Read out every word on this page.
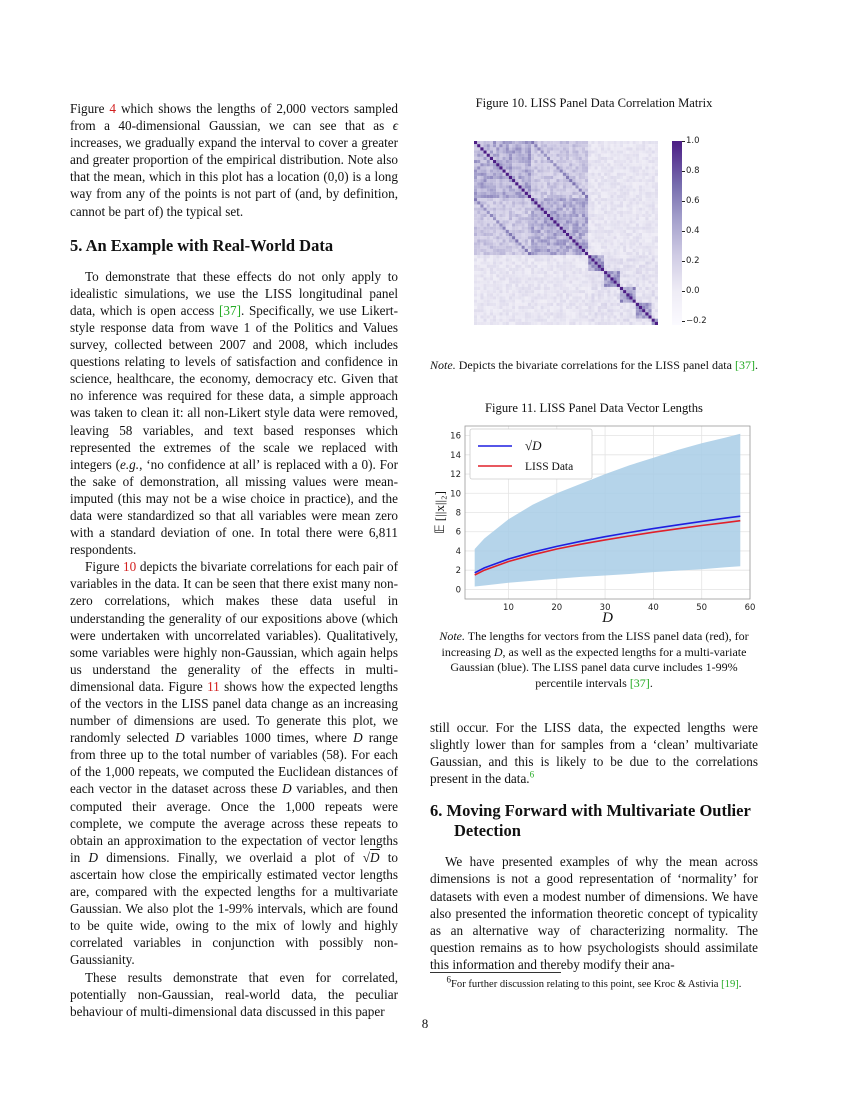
Figure 4 which shows the lengths of 2,000 vectors sampled from a 40-dimensional Gaussian, we can see that as ϵ increases, we gradually expand the interval to cover a greater and greater proportion of the empirical distribution. Note also that the mean, which in this plot has a location (0,0) is a long way from any of the points is not part of (and, by definition, cannot be part of) the typical set.

5. An Example with Real-World Data

To demonstrate that these effects do not only apply to idealistic simulations, we use the LISS longitudinal panel data, which is open access [37]. Specifically, we use Likert-style response data from wave 1 of the Politics and Values survey, collected between 2007 and 2008, which includes questions relating to levels of satisfaction and confidence in science, healthcare, the economy, democracy etc. Given that no inference was required for these data, a simple approach was taken to clean it: all non-Likert style data were removed, leaving 58 variables, and text based responses which represented the extremes of the scale we replaced with integers (e.g., ‘no confidence at all’ is replaced with a 0). For the sake of demonstration, all missing values were mean-imputed (this may not be a wise choice in practice), and the data were standardized so that all variables were mean zero with a standard deviation of one. In total there were 6,811 respondents.

Figure 10 depicts the bivariate correlations for each pair of variables in the data. It can be seen that there exist many non-zero correlations, which makes these data useful in understanding the generality of our expositions above (which were undertaken with uncorrelated variables). Qualitatively, some variables were highly non-Gaussian, which again helps us understand the generality of the effects in multi-dimensional data. Figure 11 shows how the expected lengths of the vectors in the LISS panel data change as an increasing number of dimensions are used. To generate this plot, we randomly selected D variables 1000 times, where D range from three up to the total number of variables (58). For each of the 1,000 repeats, we computed the Euclidean distances of each vector in the dataset across these D variables, and then computed their average. Once the 1,000 repeats were complete, we compute the average across these repeats to obtain an approximation to the expectation of vector lengths in D dimensions. Finally, we overlaid a plot of √D to ascertain how close the empirically estimated vector lengths are, compared with the expected lengths for a multivariate Gaussian. We also plot the 1-99% intervals, which are found to be quite wide, owing to the mix of lowly and highly correlated variables in conjunction with possibly non-Gaussianity.

These results demonstrate that even for correlated, potentially non-Gaussian, real-world data, the peculiar behaviour of multi-dimensional data discussed in this paper

Figure 10. LISS Panel Data Correlation Matrix
1.0
0.8
0.6
0.4
0.2
0.0
−0.2
Note. Depicts the bivariate correlations for the LISS panel data [37].
Figure 11. LISS Panel Data Vector Lengths
10	20	30	40	50	60
0
2
4
6
8
10
12
14
16
D
𝔼 [||x||₂]
√D
LISS Data
Note. The lengths for vectors from the LISS panel data (red), for increasing D, as well as the expected lengths for a multi-variate Gaussian (blue). The LISS panel data curve includes 1-99% percentile intervals [37].

still occur. For the LISS data, the expected lengths were slightly lower than for samples from a ‘clean’ multivariate Gaussian, and this is likely to be due to the correlations present in the data.$^6$

6. Moving Forward with Multivariate Outlier Detection

We have presented examples of why the mean across dimensions is not a good representation of ‘normality’ for datasets with even a modest number of dimensions. We have also presented the information theoretic concept of typicality as an alternative way of characterizing normality. The question remains as to how psychologists should assimilate this information and thereby modify their ana-

$^6$For further discussion relating to this point, see Kroc & Astivia [19].
8
